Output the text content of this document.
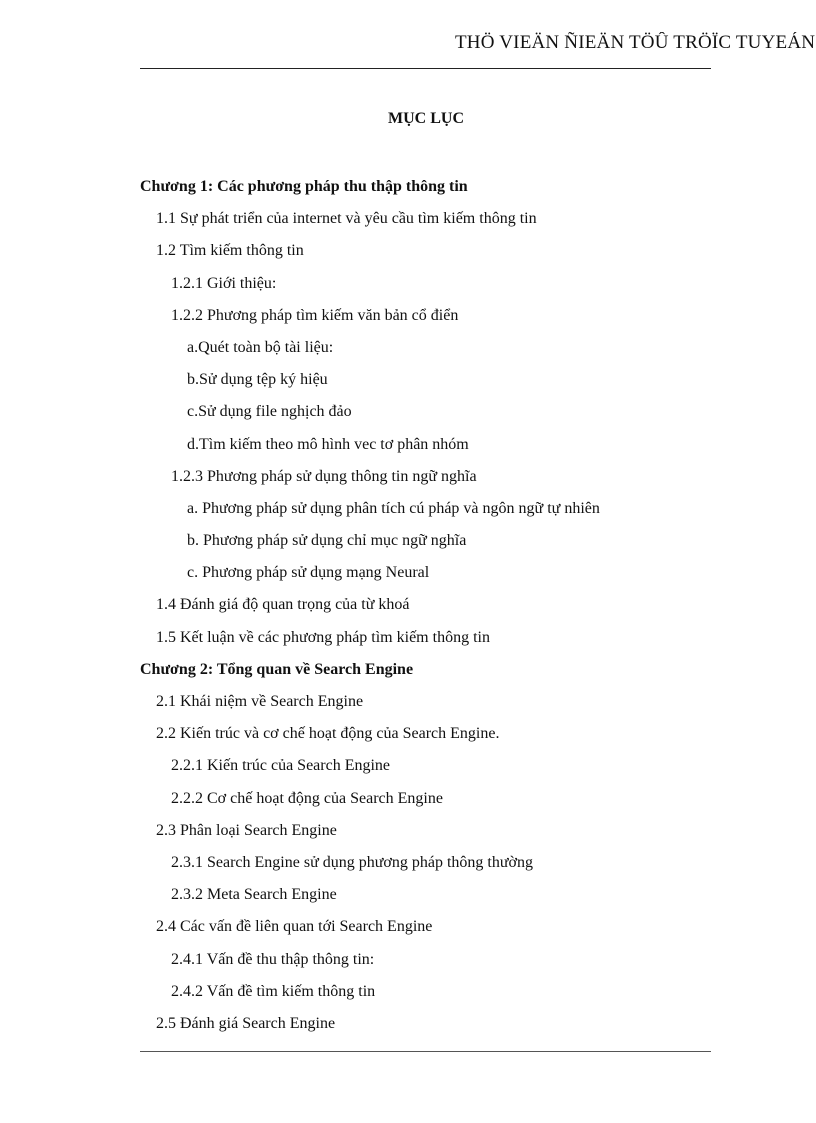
THÖ VIEÄN ÑIEÄN TÖÛ TRÖÏC TUYEÁN
MỤC LỤC
Chương 1: Các phương pháp thu thập thông tin
1.1 Sự phát triển của internet và yêu cầu tìm kiếm thông tin
1.2 Tìm kiếm thông tin
1.2.1 Giới thiệu:
1.2.2 Phương pháp tìm kiếm văn bản cổ điển
a.Quét toàn bộ tài liệu:
b.Sử dụng tệp ký hiệu
c.Sử dụng file nghịch đảo
d.Tìm kiếm theo mô hình vec tơ phân nhóm
1.2.3 Phương pháp sử dụng thông tin ngữ nghĩa
a. Phương pháp sử dụng phân tích cú pháp và ngôn ngữ tự nhiên
b. Phương pháp sử dụng chỉ mục ngữ nghĩa
c. Phương pháp sử dụng mạng Neural
1.4 Đánh giá độ quan trọng của từ khoá
1.5 Kết luận về các phương pháp tìm kiếm thông tin
Chương 2: Tổng quan về Search Engine
2.1 Khái niệm về Search Engine
2.2 Kiến trúc và cơ chế hoạt động của Search Engine.
2.2.1 Kiến trúc của Search Engine
2.2.2 Cơ chế hoạt động của Search Engine
2.3 Phân loại Search Engine
2.3.1 Search Engine sử dụng phương pháp thông thường
2.3.2 Meta Search Engine
2.4 Các vấn đề liên quan tới Search Engine
2.4.1 Vấn đề thu thập thông tin:
2.4.2 Vấn đề tìm kiếm thông tin
2.5 Đánh giá Search Engine
